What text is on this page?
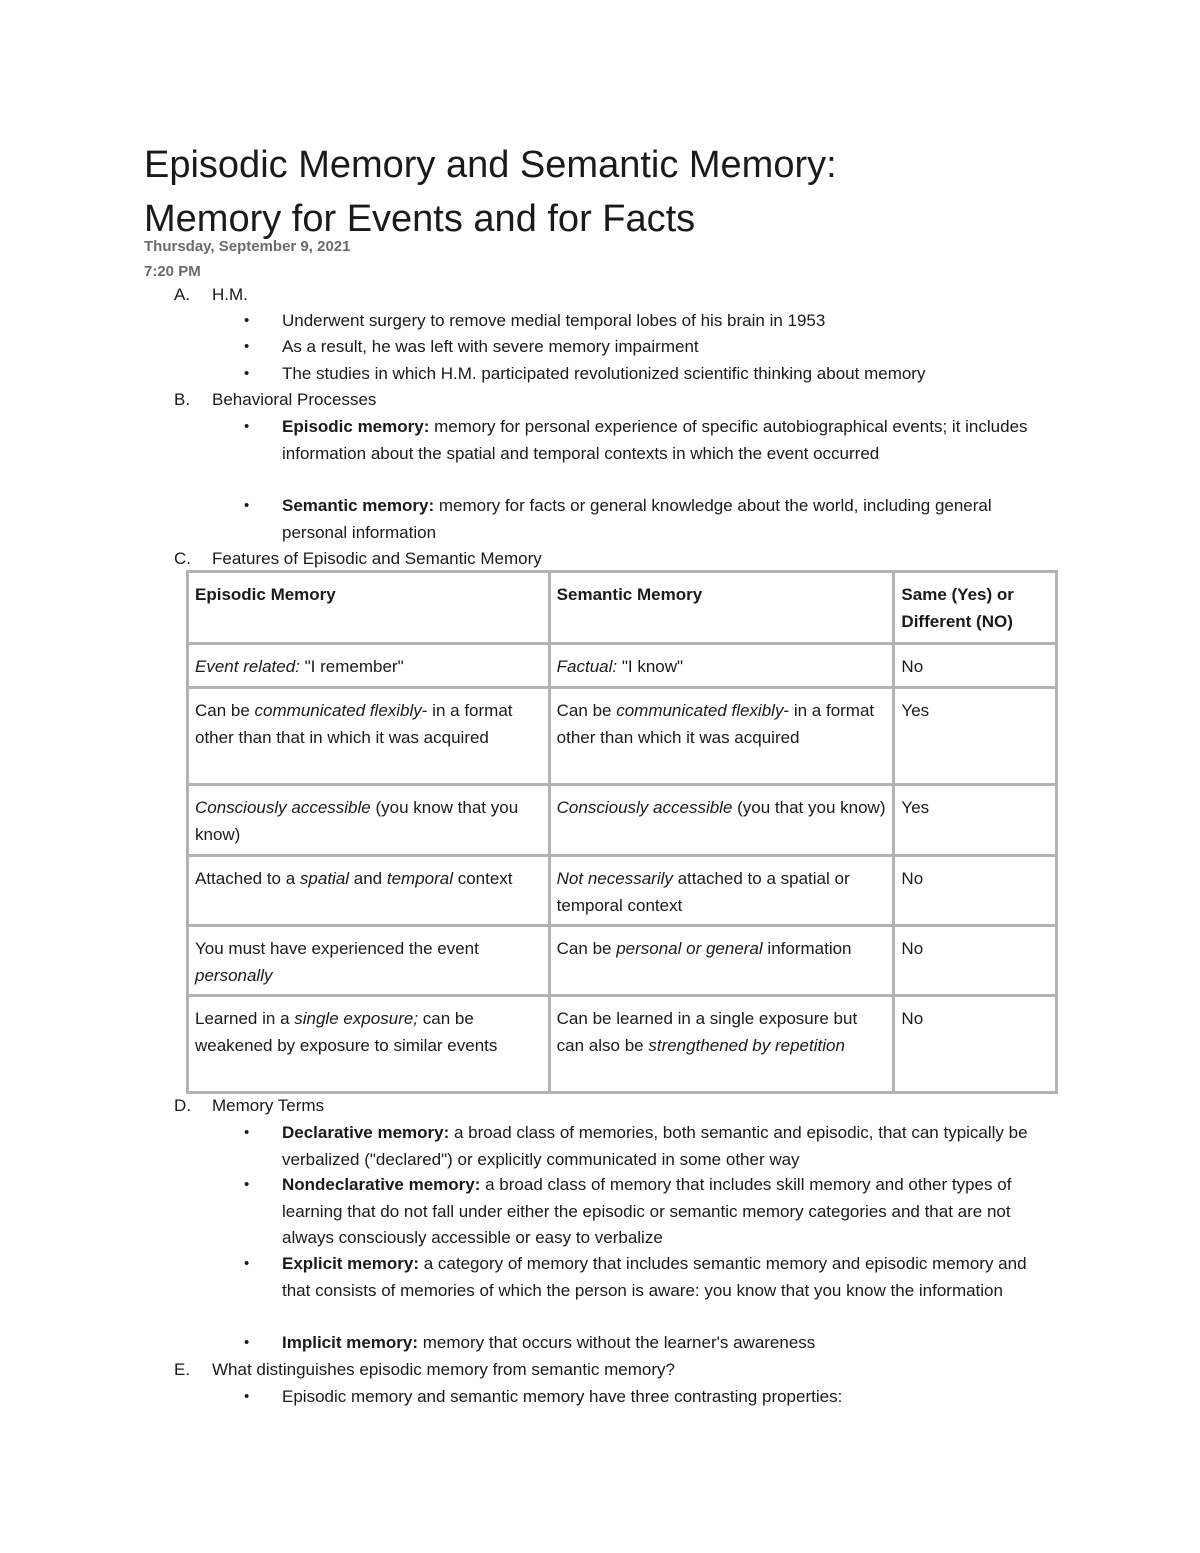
Episodic Memory and Semantic Memory:
Memory for Events and for Facts
Thursday, September 9, 2021
7:20 PM
A. H.M.
• Underwent surgery to remove medial temporal lobes of his brain in 1953
• As a result, he was left with severe memory impairment
• The studies in which H.M. participated revolutionized scientific thinking about memory
B. Behavioral Processes
• Episodic memory: memory for personal experience of specific autobiographical events; it includes information about the spatial and temporal contexts in which the event occurred
• Semantic memory: memory for facts or general knowledge about the world, including general personal information
C. Features of Episodic and Semantic Memory
Episodic Memory	Semantic Memory	Same (Yes) or Different (NO)
Event related: "I remember"	Factual: "I know"	No
Can be communicated flexibly- in a format other than that in which it was acquired	Can be communicated flexibly- in a format other than which it was acquired	Yes
Consciously accessible (you know that you know)	Consciously accessible (you that you know)	Yes
Attached to a spatial and temporal context	Not necessarily attached to a spatial or temporal context	No
You must have experienced the event personally	Can be personal or general information	No
Learned in a single exposure; can be weakened by exposure to similar events	Can be learned in a single exposure but can also be strengthened by repetition	No
D. Memory Terms
• Declarative memory: a broad class of memories, both semantic and episodic, that can typically be verbalized ("declared") or explicitly communicated in some other way
• Nondeclarative memory: a broad class of memory that includes skill memory and other types of learning that do not fall under either the episodic or semantic memory categories and that are not always consciously accessible or easy to verbalize
• Explicit memory: a category of memory that includes semantic memory and episodic memory and that consists of memories of which the person is aware: you know that you know the information
• Implicit memory: memory that occurs without the learner's awareness
E. What distinguishes episodic memory from semantic memory?
• Episodic memory and semantic memory have three contrasting properties:
